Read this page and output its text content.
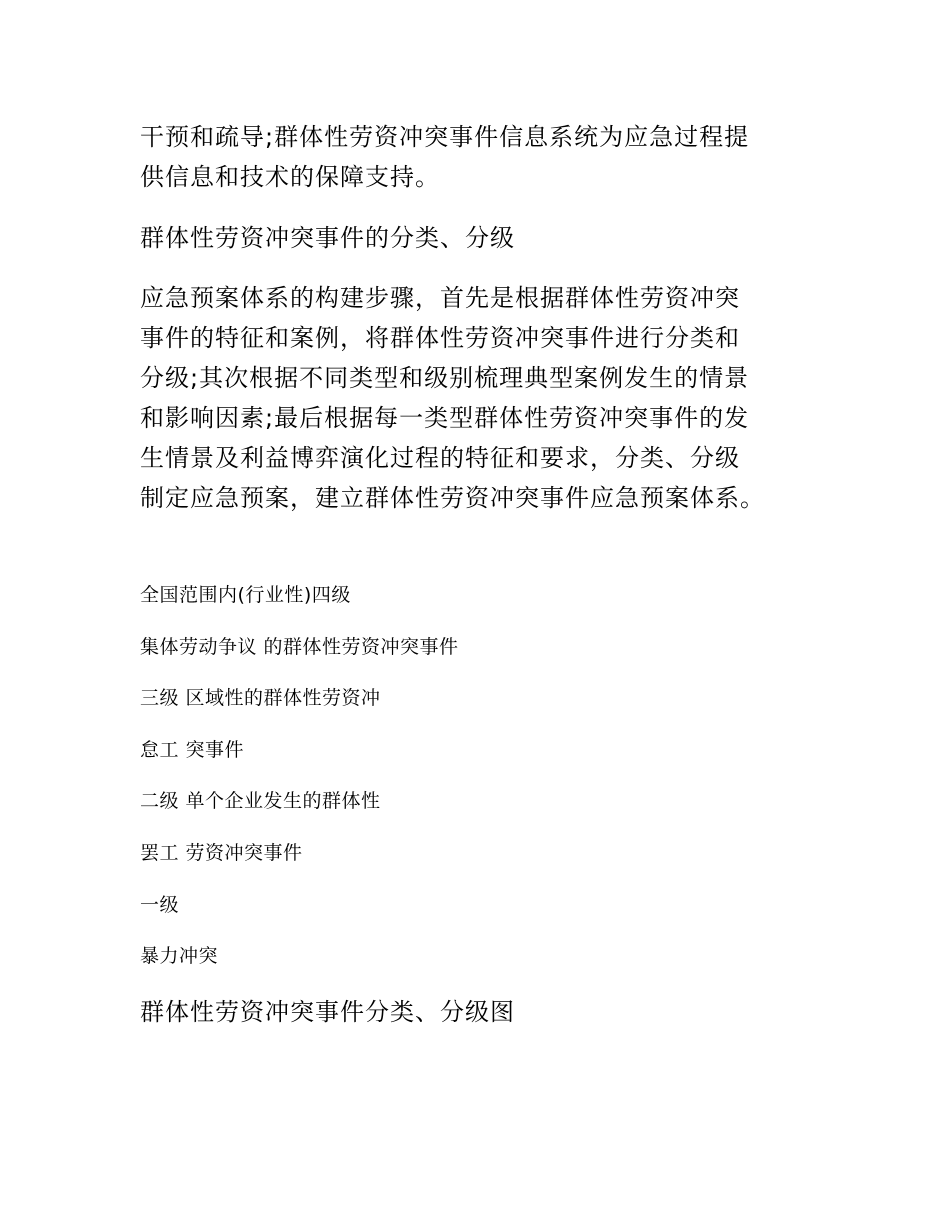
干预和疏导;群体性劳资冲突事件信息系统为应急过程提
供信息和技术的保障支持。

群体性劳资冲突事件的分类、分级

应急预案体系的构建步骤，首先是根据群体性劳资冲突
事件的特征和案例，将群体性劳资冲突事件进行分类和
分级;其次根据不同类型和级别梳理典型案例发生的情景
和影响因素;最后根据每一类型群体性劳资冲突事件的发
生情景及利益博弈演化过程的特征和要求，分类、分级
制定应急预案，建立群体性劳资冲突事件应急预案体系。

全国范围内(行业性)四级
集体劳动争议 的群体性劳资冲突事件
三级 区域性的群体性劳资冲
怠工 突事件
二级 单个企业发生的群体性
罢工 劳资冲突事件
一级
暴力冲突
群体性劳资冲突事件分类、分级图
